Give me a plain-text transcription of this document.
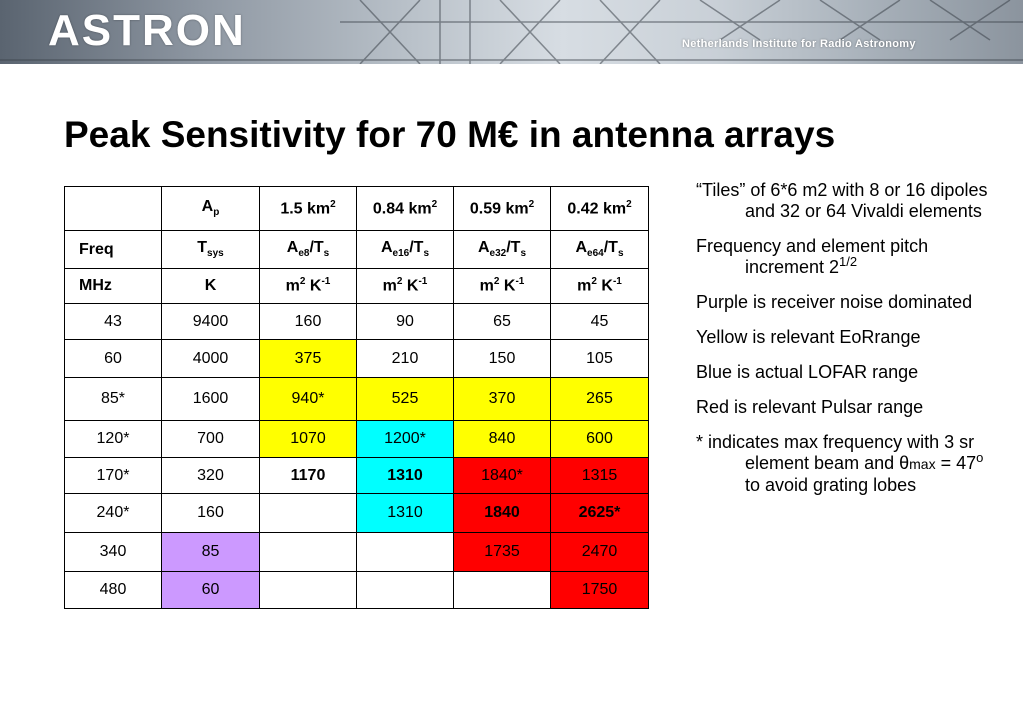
ASTRON	Netherlands Institute for Radio Astronomy
Peak Sensitivity for 70 M€ in antenna arrays
	$A_p$	1.5 $km^2$	0.84 $km^2$	0.59 $km^2$	0.42 $km^2$
Freq	$T_{sys}$	$A_{e8}/T_s$	$A_{e16}/T_s$	$A_{e32}/T_s$	$A_{e64}/T_s$
MHz	K	$m^2$ $K^{-1}$	$m^2$ $K^{-1}$	$m^2$ $K^{-1}$	$m^2$ $K^{-1}$
43	9400	160	90	65	45
60	4000	375	210	150	105
85*	1600	940*	525	370	265
120*	700	1070	1200*	840	600
170*	320	1170	1310	1840*	1315
240*	160		1310	1840	2625*
340	85			1735	2470
480	60				1750

“Tiles” of 6*6 m2 with 8 or 16 dipoles and 32 or 64 Vivaldi elements

Frequency and element pitch increment $2^{1/2}$

Purple is receiver noise dominated

Yellow is relevant EoRrange

Blue is actual LOFAR range

Red is relevant Pulsar range

* indicates max frequency with 3 sr element beam and $\theta\max = 47^o$ to avoid grating lobes
